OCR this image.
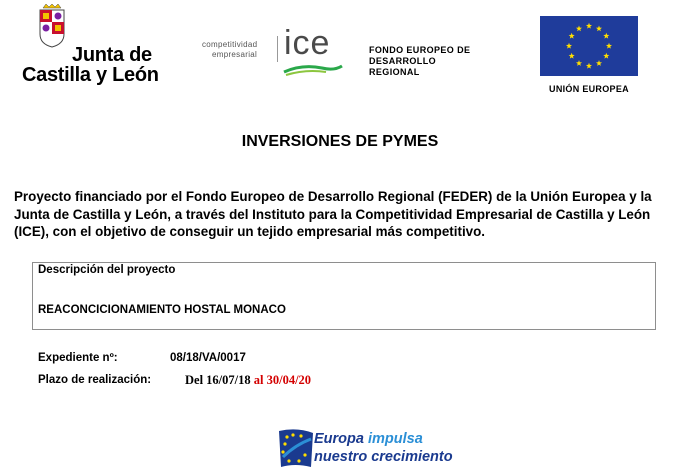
Junta de
Castilla y León
competitividad
empresarial ice	FONDO EUROPEO DE
DESARROLLO
REGIONAL
UNIÓN EUROPEA
INVERSIONES DE PYMES
Proyecto financiado por el Fondo Europeo de Desarrollo Regional (FEDER) de la Unión Europea y la Junta de Castilla y León, a través del Instituto para la Competitividad Empresarial de Castilla y León (ICE), con el objetivo de conseguir un tejido empresarial más competitivo.
Descripción del proyecto
REACONCICIONAMIENTO HOSTAL MONACO
Expediente nº:	08/18/VA/0017
Plazo de realización:	Del 16/07/18 al 30/04/20
Europa impulsa
nuestro crecimiento
